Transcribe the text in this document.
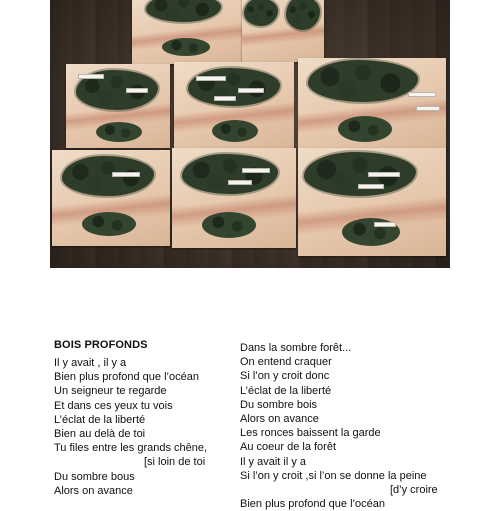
BOIS PROFONDS
Il y avait , il y a
Bien plus profond que l’océan
Un seigneur te regarde
Et dans ces yeux tu vois
L’éclat de la liberté
Bien au delà de toi
Tu files entre les grands chêne,
[si loin de toi
Du sombre bous
Alors on avance
Dans la sombre forêt...
On entend craquer
Si l’on y croit donc
L’éclat de la liberté
Du sombre bois
Alors on avance
Les ronces baissent la garde
Au coeur de la forêt
Il y avait il y a
Si l’on y croit ,si l’on se donne la peine
[d’y croire
Bien plus profond que l’océan
